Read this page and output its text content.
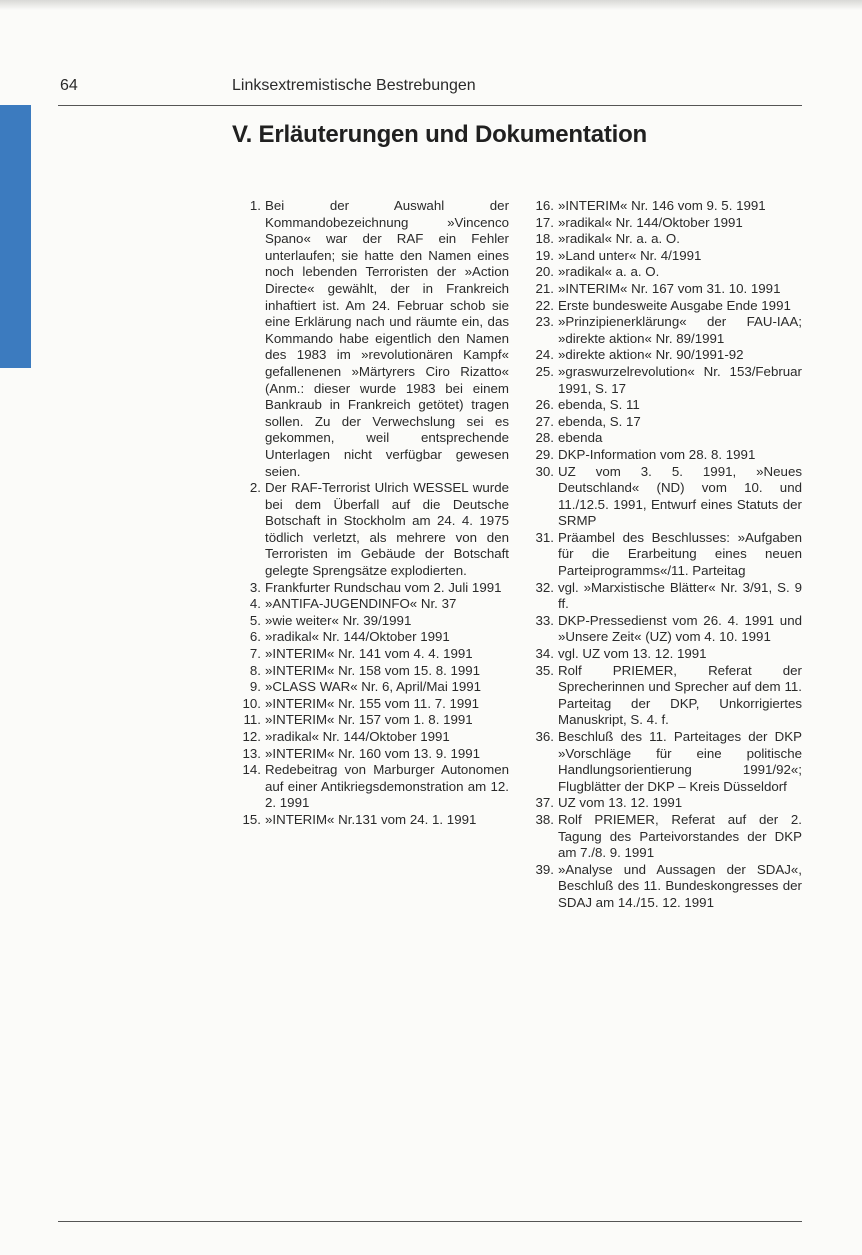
64	Linksextremistische Bestrebungen
V. Erläuterungen und Dokumentation
1. Bei der Auswahl der Kommandobezeichnung »Vincenco Spano« war der RAF ein Fehler unterlaufen; sie hatte den Namen eines noch lebenden Terroristen der »Action Directe« gewählt, der in Frankreich inhaftiert ist. Am 24. Februar schob sie eine Erklärung nach und räumte ein, das Kommando habe eigentlich den Namen des 1983 im »revolutionären Kampf« gefallenenen »Märtyrers Ciro Rizatto« (Anm.: dieser wurde 1983 bei einem Bankraub in Frankreich getötet) tragen sollen. Zu der Verwechslung sei es gekommen, weil entsprechende Unterlagen nicht verfügbar gewesen seien.
2. Der RAF-Terrorist Ulrich WESSEL wurde bei dem Überfall auf die Deutsche Botschaft in Stockholm am 24. 4. 1975 tödlich verletzt, als mehrere von den Terroristen im Gebäude der Botschaft gelegte Sprengsätze explodierten.
3. Frankfurter Rundschau vom 2. Juli 1991
4. »ANTIFA-JUGENDINFO« Nr. 37
5. »wie weiter« Nr. 39/1991
6. »radikal« Nr. 144/Oktober 1991
7. »INTERIM« Nr. 141 vom 4. 4. 1991
8. »INTERIM« Nr. 158 vom 15. 8. 1991
9. »CLASS WAR« Nr. 6, April/Mai 1991
10. »INTERIM« Nr. 155 vom 11. 7. 1991
11. »INTERIM« Nr. 157 vom 1. 8. 1991
12. »radikal« Nr. 144/Oktober 1991
13. »INTERIM« Nr. 160 vom 13. 9. 1991
14. Redebeitrag von Marburger Autonomen auf einer Antikriegsdemonstration am 12. 2. 1991
15. »INTERIM« Nr.131 vom 24. 1. 1991
16. »INTERIM« Nr. 146 vom 9. 5. 1991
17. »radikal« Nr. 144/Oktober 1991
18. »radikal« Nr. a. a. O.
19. »Land unter« Nr. 4/1991
20. »radikal« a. a. O.
21. »INTERIM« Nr. 167 vom 31. 10. 1991
22. Erste bundesweite Ausgabe Ende 1991
23. »Prinzipienerklärung« der FAU-IAA; »direkte aktion« Nr. 89/1991
24. »direkte aktion« Nr. 90/1991-92
25. »graswurzelrevolution« Nr. 153/Februar 1991, S. 17
26. ebenda, S. 11
27. ebenda, S. 17
28. ebenda
29. DKP-Information vom 28. 8. 1991
30. UZ vom 3. 5. 1991, »Neues Deutschland« (ND) vom 10. und 11./12.5. 1991, Entwurf eines Statuts der SRMP
31. Präambel des Beschlusses: »Aufgaben für die Erarbeitung eines neuen Parteiprogramms«/11. Parteitag
32. vgl. »Marxistische Blätter« Nr. 3/91, S. 9 ff.
33. DKP-Pressedienst vom 26. 4. 1991 und »Unsere Zeit« (UZ) vom 4. 10. 1991
34. vgl. UZ vom 13. 12. 1991
35. Rolf PRIEMER, Referat der Sprecherinnen und Sprecher auf dem 11. Parteitag der DKP, Unkorrigiertes Manuskript, S. 4. f.
36. Beschluß des 11. Parteitages der DKP »Vorschläge für eine politische Handlungsorientierung 1991/92«; Flugblätter der DKP – Kreis Düsseldorf
37. UZ vom 13. 12. 1991
38. Rolf PRIEMER, Referat auf der 2. Tagung des Parteivorstandes der DKP am 7./8. 9. 1991
39. »Analyse und Aussagen der SDAJ«, Beschluß des 11. Bundeskongresses der SDAJ am 14./15. 12. 1991
